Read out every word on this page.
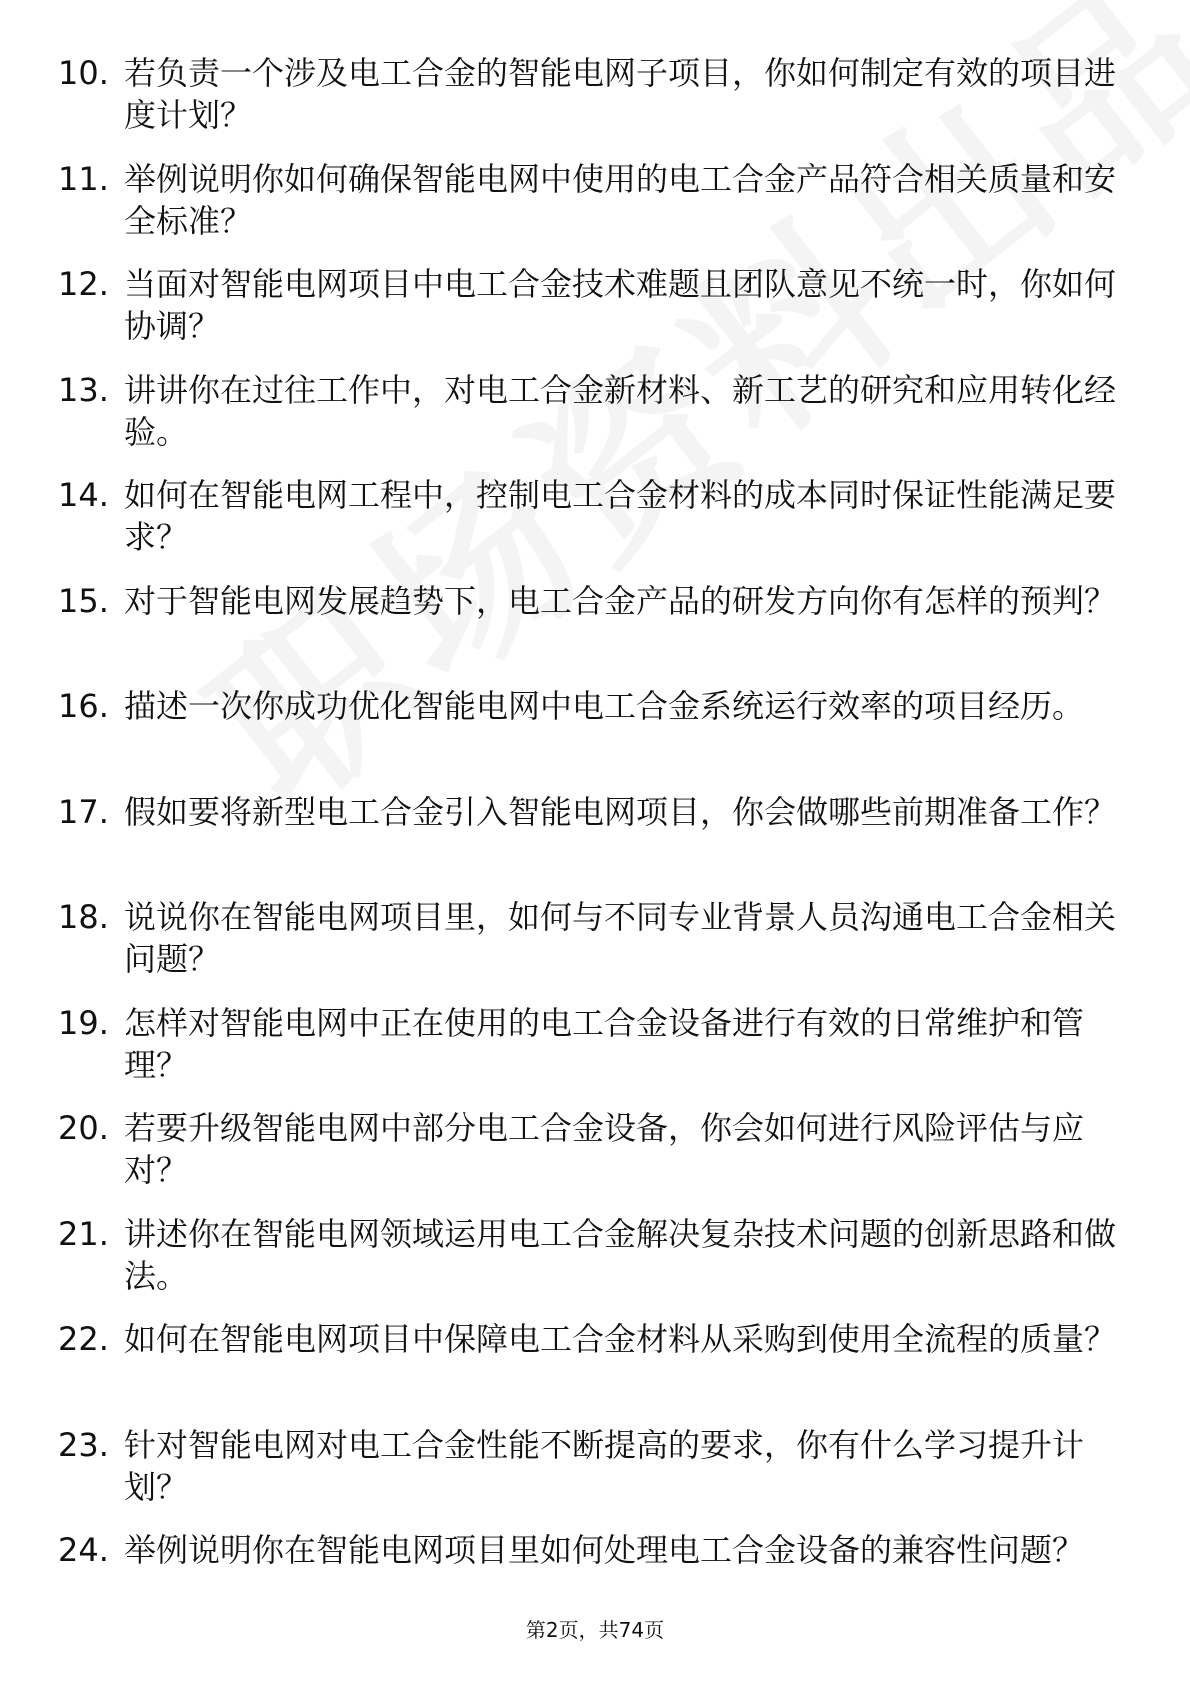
10. 若负责一个涉及电工合金的智能电网子项目，你如何制定有效的项目进度计划？
11. 举例说明你如何确保智能电网中使用的电工合金产品符合相关质量和安全标准？
12. 当面对智能电网项目中电工合金技术难题且团队意见不统一时，你如何协调？
13. 讲讲你在过往工作中，对电工合金新材料、新工艺的研究和应用转化经验。
14. 如何在智能电网工程中，控制电工合金材料的成本同时保证性能满足要求？
15. 对于智能电网发展趋势下，电工合金产品的研发方向你有怎样的预判？
16. 描述一次你成功优化智能电网中电工合金系统运行效率的项目经历。
17. 假如要将新型电工合金引入智能电网项目，你会做哪些前期准备工作？
18. 说说你在智能电网项目里，如何与不同专业背景人员沟通电工合金相关问题？
19. 怎样对智能电网中正在使用的电工合金设备进行有效的日常维护和管理？
20. 若要升级智能电网中部分电工合金设备，你会如何进行风险评估与应对？
21. 讲述你在智能电网领域运用电工合金解决复杂技术问题的创新思路和做法。
22. 如何在智能电网项目中保障电工合金材料从采购到使用全流程的质量？
23. 针对智能电网对电工合金性能不断提高的要求，你有什么学习提升计划？
24. 举例说明你在智能电网项目里如何处理电工合金设备的兼容性问题？
第2页，共74页
